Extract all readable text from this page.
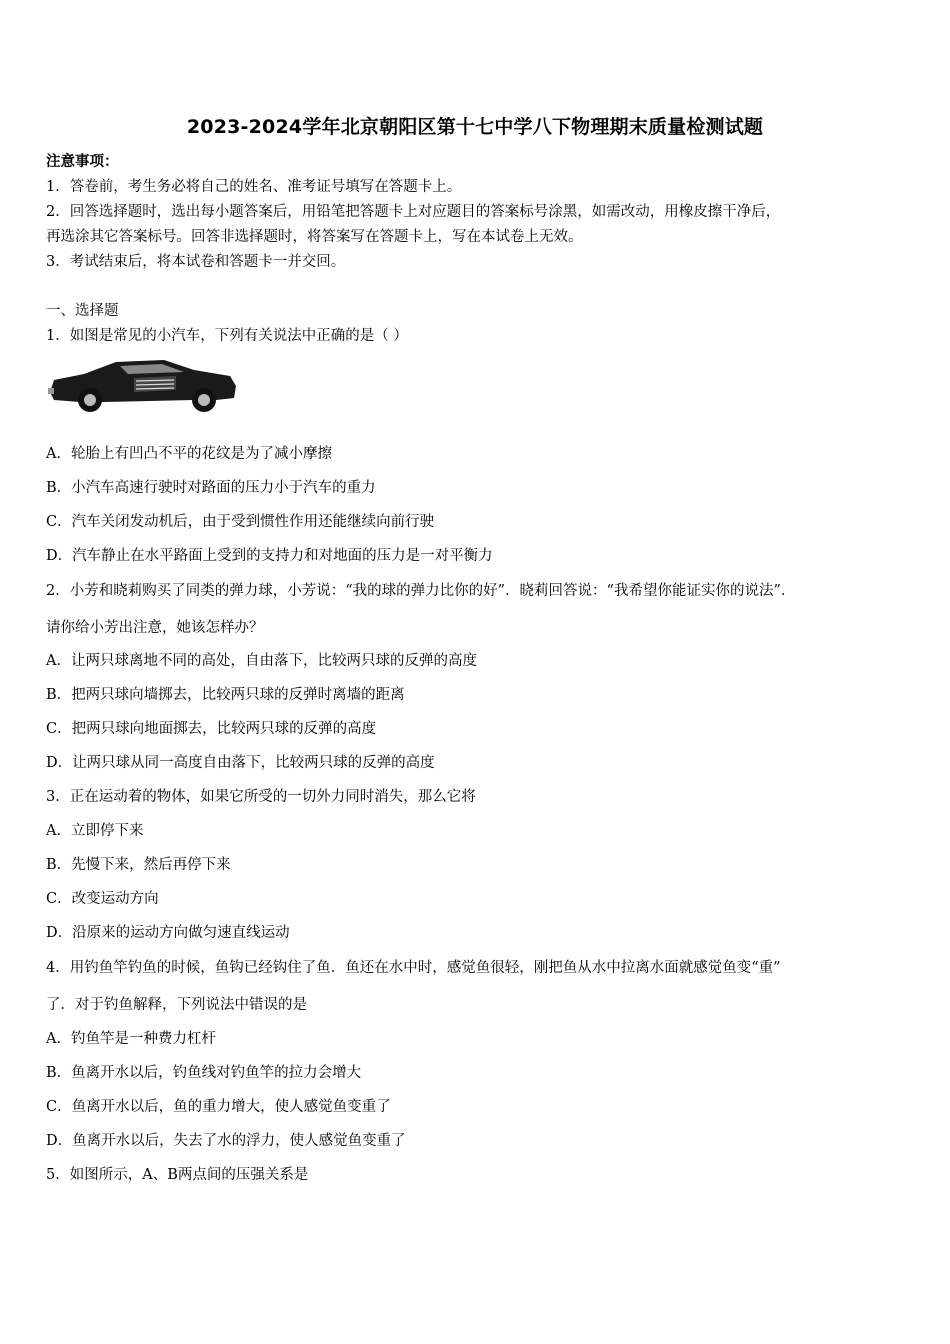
2023-2024学年北京朝阳区第十七中学八下物理期末质量检测试题
注意事项：
1．答卷前，考生务必将自己的姓名、准考证号填写在答题卡上。
2．回答选择题时，选出每小题答案后，用铅笔把答题卡上对应题目的答案标号涂黑，如需改动，用橡皮擦干净后，
再选涂其它答案标号。回答非选择题时，将答案写在答题卡上，写在本试卷上无效。
3．考试结束后，将本试卷和答题卡一并交回。
一、选择题
1．如图是常见的小汽车，下列有关说法中正确的是（ ）
A．轮胎上有凹凸不平的花纹是为了减小摩擦
B．小汽车高速行驶时对路面的压力小于汽车的重力
C．汽车关闭发动机后，由于受到惯性作用还能继续向前行驶
D．汽车静止在水平路面上受到的支持力和对地面的压力是一对平衡力
2．小芳和晓莉购买了同类的弹力球，小芳说：“我的球的弹力比你的好”．晓莉回答说：“我希望你能证实你的说法”．
请你给小芳出注意，她该怎样办？
A．让两只球离地不同的高处，自由落下，比较两只球的反弹的高度
B．把两只球向墙掷去，比较两只球的反弹时离墙的距离
C．把两只球向地面掷去，比较两只球的反弹的高度
D．让两只球从同一高度自由落下，比较两只球的反弹的高度
3．正在运动着的物体，如果它所受的一切外力同时消失，那么它将
A．立即停下来
B．先慢下来，然后再停下来
C．改变运动方向
D．沿原来的运动方向做匀速直线运动
4．用钓鱼竿钓鱼的时候，鱼钩已经钩住了鱼．鱼还在水中时，感觉鱼很轻，刚把鱼从水中拉离水面就感觉鱼变“重”
了．对于钓鱼解释，下列说法中错误的是
A．钓鱼竿是一种费力杠杆
B．鱼离开水以后，钓鱼线对钓鱼竿的拉力会增大
C．鱼离开水以后，鱼的重力增大，使人感觉鱼变重了
D．鱼离开水以后，失去了水的浮力，使人感觉鱼变重了
5．如图所示，A、B两点间的压强关系是
